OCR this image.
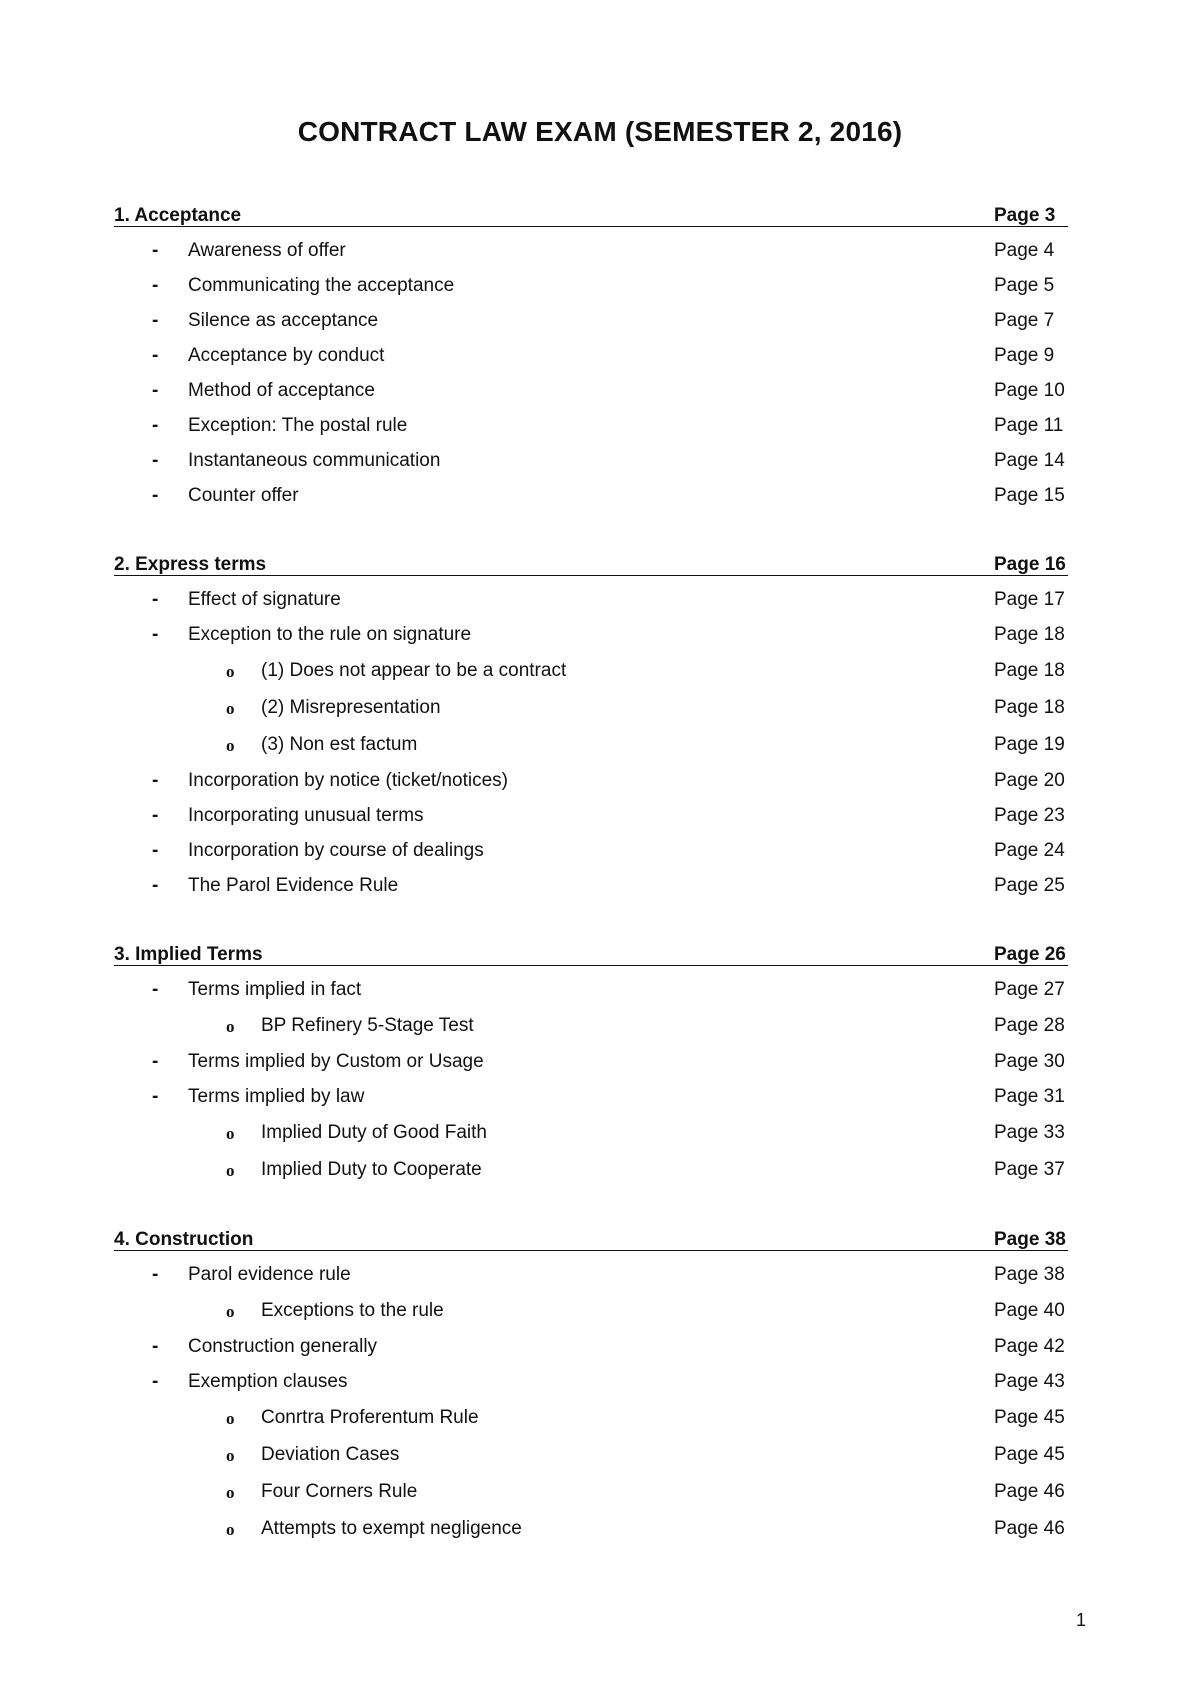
CONTRACT LAW EXAM (SEMESTER 2, 2016)
1. Acceptance	Page 3
- Awareness of offer	Page 4
- Communicating the acceptance	Page 5
- Silence as acceptance	Page 7
- Acceptance by conduct	Page 9
- Method of acceptance	Page 10
- Exception: The postal rule	Page 11
- Instantaneous communication	Page 14
- Counter offer	Page 15
2. Express terms	Page 16
- Effect of signature	Page 17
- Exception to the rule on signature	Page 18
o (1) Does not appear to be a contract	Page 18
o (2) Misrepresentation	Page 18
o (3) Non est factum	Page 19
- Incorporation by notice (ticket/notices)	Page 20
- Incorporating unusual terms	Page 23
- Incorporation by course of dealings	Page 24
- The Parol Evidence Rule	Page 25
3. Implied Terms	Page 26
- Terms implied in fact	Page 27
o BP Refinery 5-Stage Test	Page 28
- Terms implied by Custom or Usage	Page 30
- Terms implied by law	Page 31
o Implied Duty of Good Faith	Page 33
o Implied Duty to Cooperate	Page 37
4. Construction	Page 38
- Parol evidence rule	Page 38
o Exceptions to the rule	Page 40
- Construction generally	Page 42
- Exemption clauses	Page 43
o Conrtra Proferentum Rule	Page 45
o Deviation Cases	Page 45
o Four Corners Rule	Page 46
o Attempts to exempt negligence	Page 46
1
